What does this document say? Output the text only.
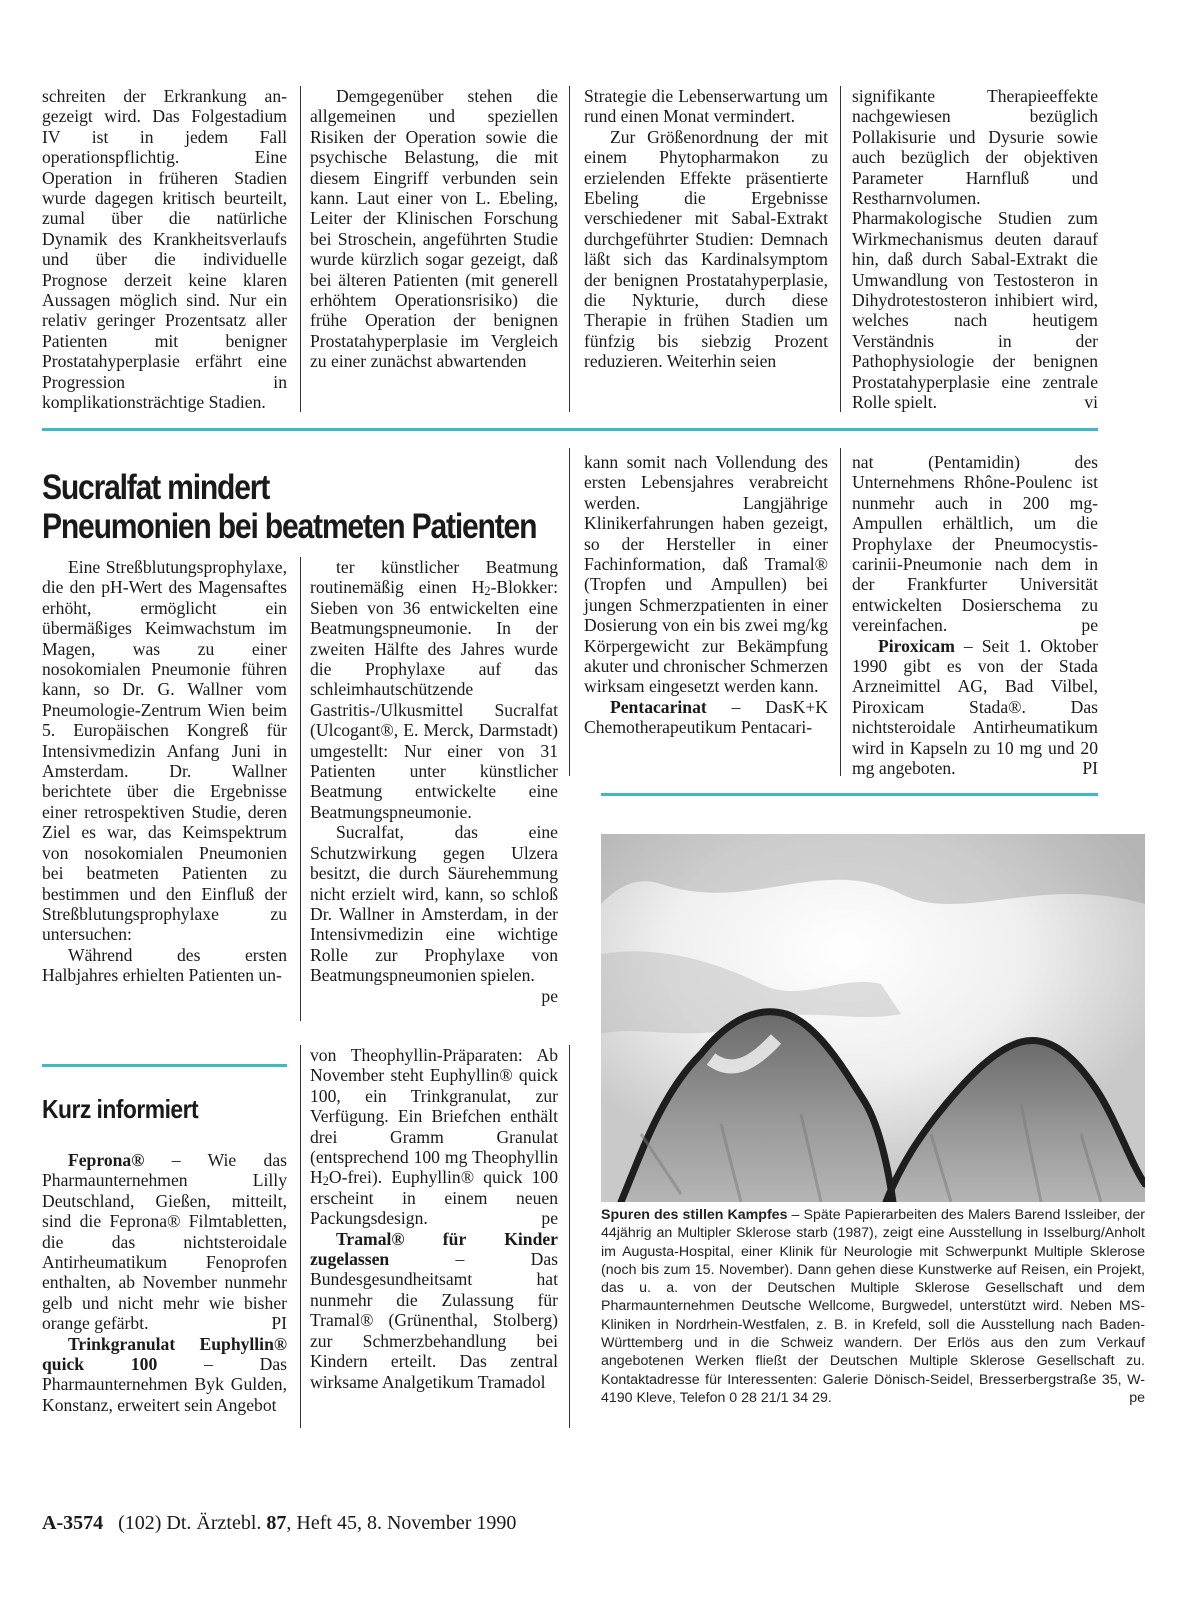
schreiten der Erkrankung an-gezeigt wird. Das Folgestadium IV ist in jedem Fall operationspflichtig. Eine Operation in früheren Stadien wurde dagegen kritisch beurteilt, zumal über die natürliche Dynamik des Krankheitsverlaufs und über die individuelle Prognose derzeit keine klaren Aussagen möglich sind. Nur ein relativ geringer Prozentsatz aller Patienten mit benigner Prostatahyperplasie erfährt eine Progression in komplikationsträchtige Stadien.

Demgegenüber stehen die allgemeinen und speziellen Risiken der Operation sowie die psychische Belastung, die mit diesem Eingriff verbunden sein kann. Laut einer von L. Ebeling, Leiter der Klinischen Forschung bei Stroschein, angeführten Studie wurde kürzlich sogar gezeigt, daß bei älteren Patienten (mit generell erhöhtem Operationsrisiko) die frühe Operation der benignen Prostatahyperplasie im Vergleich zu einer zunächst abwartenden

Strategie die Lebenserwartung um rund einen Monat vermindert.

Zur Größenordnung der mit einem Phytopharmakon zu erzielenden Effekte präsentierte Ebeling die Ergebnisse verschiedener mit Sabal-Extrakt durchgeführter Studien: Demnach läßt sich das Kardinalsymptom der benignen Prostatahyperplasie, die Nykturie, durch diese Therapie in frühen Stadien um fünfzig bis siebzig Prozent reduzieren. Weiterhin seien

signifikante Therapieeffekte nachgewiesen bezüglich Pollakisurie und Dysurie sowie auch bezüglich der objektiven Parameter Harnfluß und Restharnvolumen. Pharmakologische Studien zum Wirkmechanismus deuten darauf hin, daß durch Sabal-Extrakt die Umwandlung von Testosteron in Dihydrotestosteron inhibiert wird, welches nach heutigem Verständnis in der Pathophysiologie der benignen Prostatahyperplasie eine zentrale Rolle spielt.	vi

Sucralfat mindert
Pneumonien bei beatmeten Patienten

Eine Streßblutungsprophylaxe, die den pH-Wert des Magensaftes erhöht, ermöglicht ein übermäßiges Keimwachstum im Magen, was zu einer nosokomialen Pneumonie führen kann, so Dr. G. Wallner vom Pneumologie-Zentrum Wien beim 5. Europäischen Kongreß für Intensivmedizin Anfang Juni in Amsterdam. Dr. Wallner berichtete über die Ergebnisse einer retrospektiven Studie, deren Ziel es war, das Keimspektrum von nosokomialen Pneumonien bei beatmeten Patienten zu bestimmen und den Einfluß der Streßblutungsprophylaxe zu untersuchen:

Während des ersten Halbjahres erhielten Patienten un-

ter künstlicher Beatmung routinemäßig einen $H_2$-Blokker: Sieben von 36 entwickelten eine Beatmungspneumonie. In der zweiten Hälfte des Jahres wurde die Prophylaxe auf das schleimhautschützende Gastritis-/Ulkusmittel Sucralfat (Ulcogant®, E. Merck, Darmstadt) umgestellt: Nur einer von 31 Patienten unter künstlicher Beatmung entwickelte eine Beatmungspneumonie.

Sucralfat, das eine Schutzwirkung gegen Ulzera besitzt, die durch Säurehemmung nicht erzielt wird, kann, so schloß Dr. Wallner in Amsterdam, in der Intensivmedizin eine wichtige Rolle zur Prophylaxe von Beatmungspneumonien spielen.
pe

kann somit nach Vollendung des ersten Lebensjahres verabreicht werden. Langjährige Klinikerfahrungen haben gezeigt, so der Hersteller in einer Fachinformation, daß Tramal® (Tropfen und Ampullen) bei jungen Schmerzpatienten in einer Dosierung von ein bis zwei mg/kg Körpergewicht zur Bekämpfung akuter und chronischer Schmerzen wirksam eingesetzt werden kann.
K+K

Pentacarinat – Das Chemotherapeutikum Pentacari-

nat (Pentamidin) des Unternehmens Rhône-Poulenc ist nunmehr auch in 200 mg-Ampullen erhältlich, um die Prophylaxe der Pneumocystis-carinii-Pneumonie nach dem in der Frankfurter Universität entwickelten Dosierschema zu vereinfachen.	pe

Piroxicam – Seit 1. Oktober 1990 gibt es von der Stada Arzneimittel AG, Bad Vilbel, Piroxicam Stada®. Das nichtsteroidale Antirheumatikum wird in Kapseln zu 10 mg und 20 mg angeboten.	PI

Spuren des stillen Kampfes – Späte Papierarbeiten des Malers Barend Issleiber, der 44jährig an Multipler Sklerose starb (1987), zeigt eine Ausstellung in Isselburg/Anholt im Augusta-Hospital, einer Klinik für Neurologie mit Schwerpunkt Multiple Sklerose (noch bis zum 15. November). Dann gehen diese Kunstwerke auf Reisen, ein Projekt, das u. a. von der Deutschen Multiple Sklerose Gesellschaft und dem Pharmaunternehmen Deutsche Wellcome, Burgwedel, unterstützt wird. Neben MS-Kliniken in Nordrhein-Westfalen, z. B. in Krefeld, soll die Ausstellung nach Baden-Württemberg und in die Schweiz wandern. Der Erlös aus den zum Verkauf angebotenen Werken fließt der Deutschen Multiple Sklerose Gesellschaft zu. Kontaktadresse für Interessenten: Galerie Dönisch-Seidel, Bresserbergstraße 35, W-4190 Kleve, Telefon 0 28 21/1 34 29.	pe
Kurz informiert

Feprona® – Wie das Pharmaunternehmen Lilly Deutschland, Gießen, mitteilt, sind die Feprona® Filmtabletten, die das nichtsteroidale Antirheumatikum Fenoprofen enthalten, ab November nunmehr gelb und nicht mehr wie bisher orange gefärbt.	PI

Trinkgranulat Euphyllin® quick 100 – Das Pharmaunternehmen Byk Gulden, Konstanz, erweitert sein Angebot

von Theophyllin-Präparaten: Ab November steht Euphyllin® quick 100, ein Trinkgranulat, zur Verfügung. Ein Briefchen enthält drei Gramm Granulat (entsprechend 100 mg Theophyllin $H_2O-frei$). Euphyllin® quick 100 erscheint in einem neuen Packungsdesign.	pe

Tramal® für Kinder zugelassen – Das Bundesgesundheitsamt hat nunmehr die Zulassung für Tramal® (Grünenthal, Stolberg) zur Schmerzbehandlung bei Kindern erteilt. Das zentral wirksame Analgetikum Tramadol

A-3574 (102) Dt. Ärztebl. 87, Heft 45, 8. November 1990
